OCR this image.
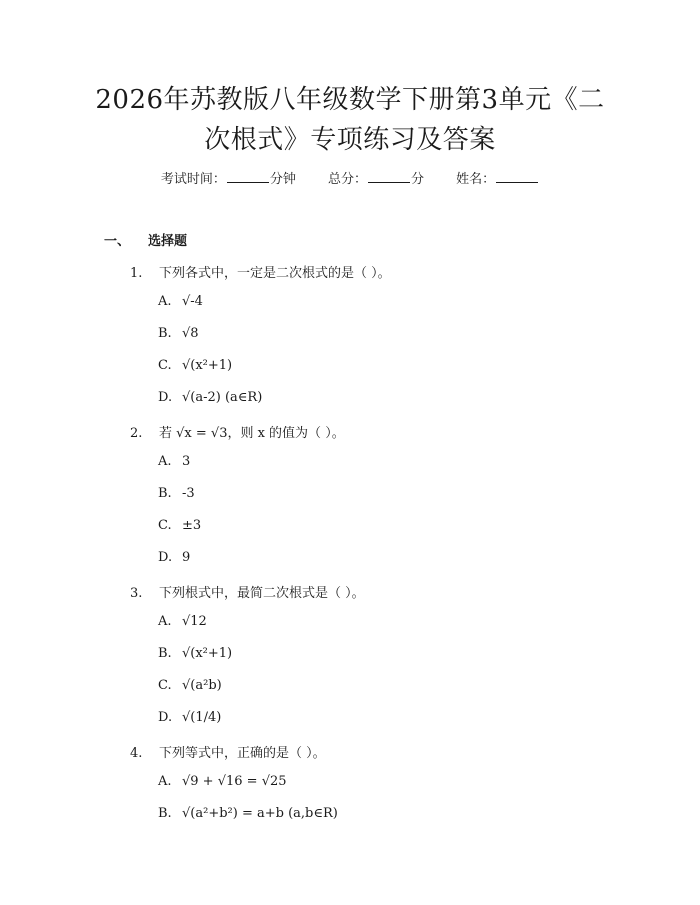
2026年苏教版八年级数学下册第3单元《二
次根式》专项练习及答案
考试时间：	分钟 总分：	分 姓名：
一、 选择题
1. 下列各式中，一定是二次根式的是（ ）。
A. √-4
B. √8
C. √(x²+1)
D. √(a-2) (a∈R)
2. 若 √x = √3，则 x 的值为（ ）。
A. 3
B. -3
C. ±3
D. 9
3. 下列根式中，最简二次根式是（ ）。
A. √12
B. √(x²+1)
C. √(a²b)
D. √(1/4)
4. 下列等式中，正确的是（ ）。
A. √9 + √16 = √25
B. √(a²+b²) = a+b (a,b∈R)
